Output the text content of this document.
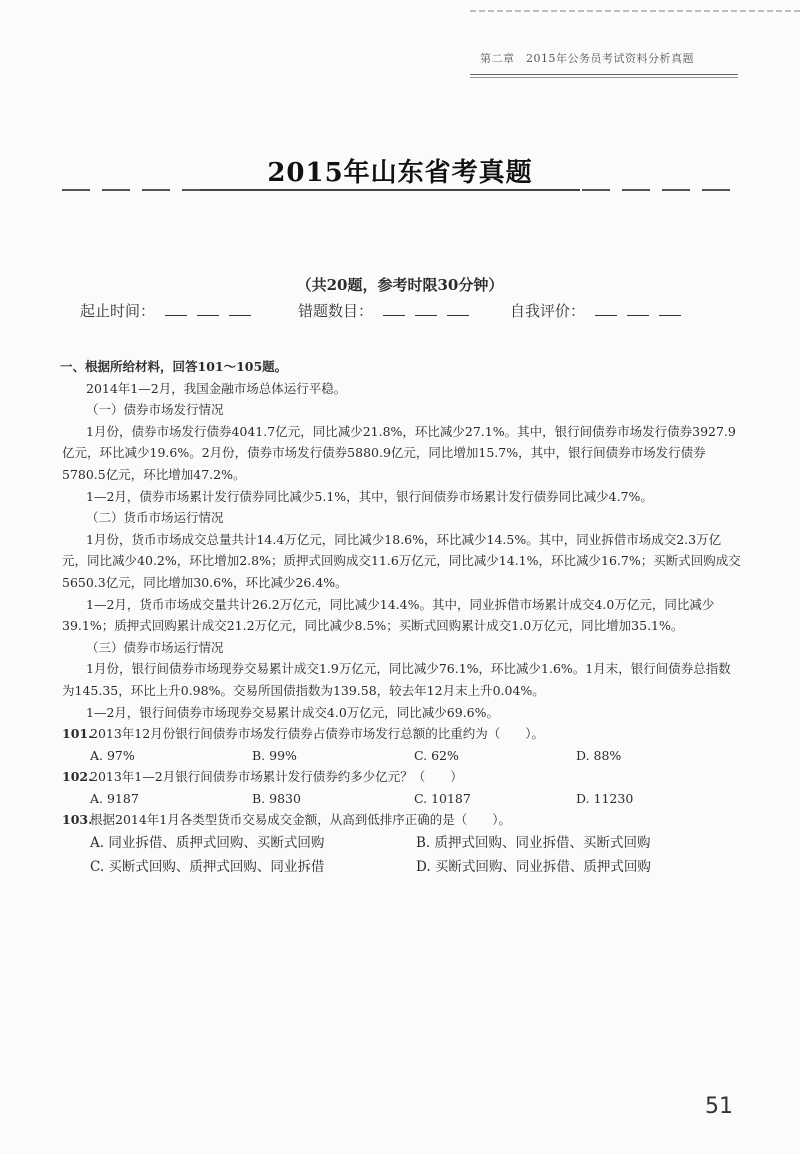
第二章　2015年公务员考试资料分析真题
2015年山东省考真题
（共20题，参考时限30分钟）
起止时间：	错题数目：	自我评价：

一、根据所给材料，回答101～105题。

2014年1—2月，我国金融市场总体运行平稳。

（一）债券市场发行情况

1月份，债券市场发行债券4041.7亿元，同比减少21.8%，环比减少27.1%。其中，银行间债券市场发行债券3927.9亿元，环比减少19.6%。2月份，债券市场发行债券5880.9亿元，同比增加15.7%，其中，银行间债券市场发行债券5780.5亿元，环比增加47.2%。

1—2月，债券市场累计发行债券同比减少5.1%，其中，银行间债券市场累计发行债券同比减少4.7%。

（二）货币市场运行情况

1月份，货币市场成交总量共计14.4万亿元，同比减少18.6%，环比减少14.5%。其中，同业拆借市场成交2.3万亿元，同比减少40.2%，环比增加2.8%；质押式回购成交11.6万亿元，同比减少14.1%，环比减少16.7%；买断式回购成交5650.3亿元，同比增加30.6%，环比减少26.4%。

1—2月，货币市场成交量共计26.2万亿元，同比减少14.4%。其中，同业拆借市场累计成交4.0万亿元，同比减少39.1%；质押式回购累计成交21.2万亿元，同比减少8.5%；买断式回购累计成交1.0万亿元，同比增加35.1%。

（三）债券市场运行情况

1月份，银行间债券市场现券交易累计成交1.9万亿元，同比减少76.1%，环比减少1.6%。1月末，银行间债券总指数为145.35，环比上升0.98%。交易所国债指数为139.58，较去年12月末上升0.04%。

1—2月，银行间债券市场现券交易累计成交4.0万亿元，同比减少69.6%。

101.
2013年12月份银行间债券市场发行债券占债券市场发行总额的比重约为（　　）。
A. 97%	B. 99%	C. 62%	D. 88%
102.
2013年1—2月银行间债券市场累计发行债券约多少亿元？（　　）
A. 9187	B. 9830	C. 10187	D. 11230
103.
根据2014年1月各类型货币交易成交金额，从高到低排序正确的是（　　）。
A. 同业拆借、质押式回购、买断式回购	B. 质押式回购、同业拆借、买断式回购
C. 买断式回购、质押式回购、同业拆借	D. 买断式回购、同业拆借、质押式回购
51
